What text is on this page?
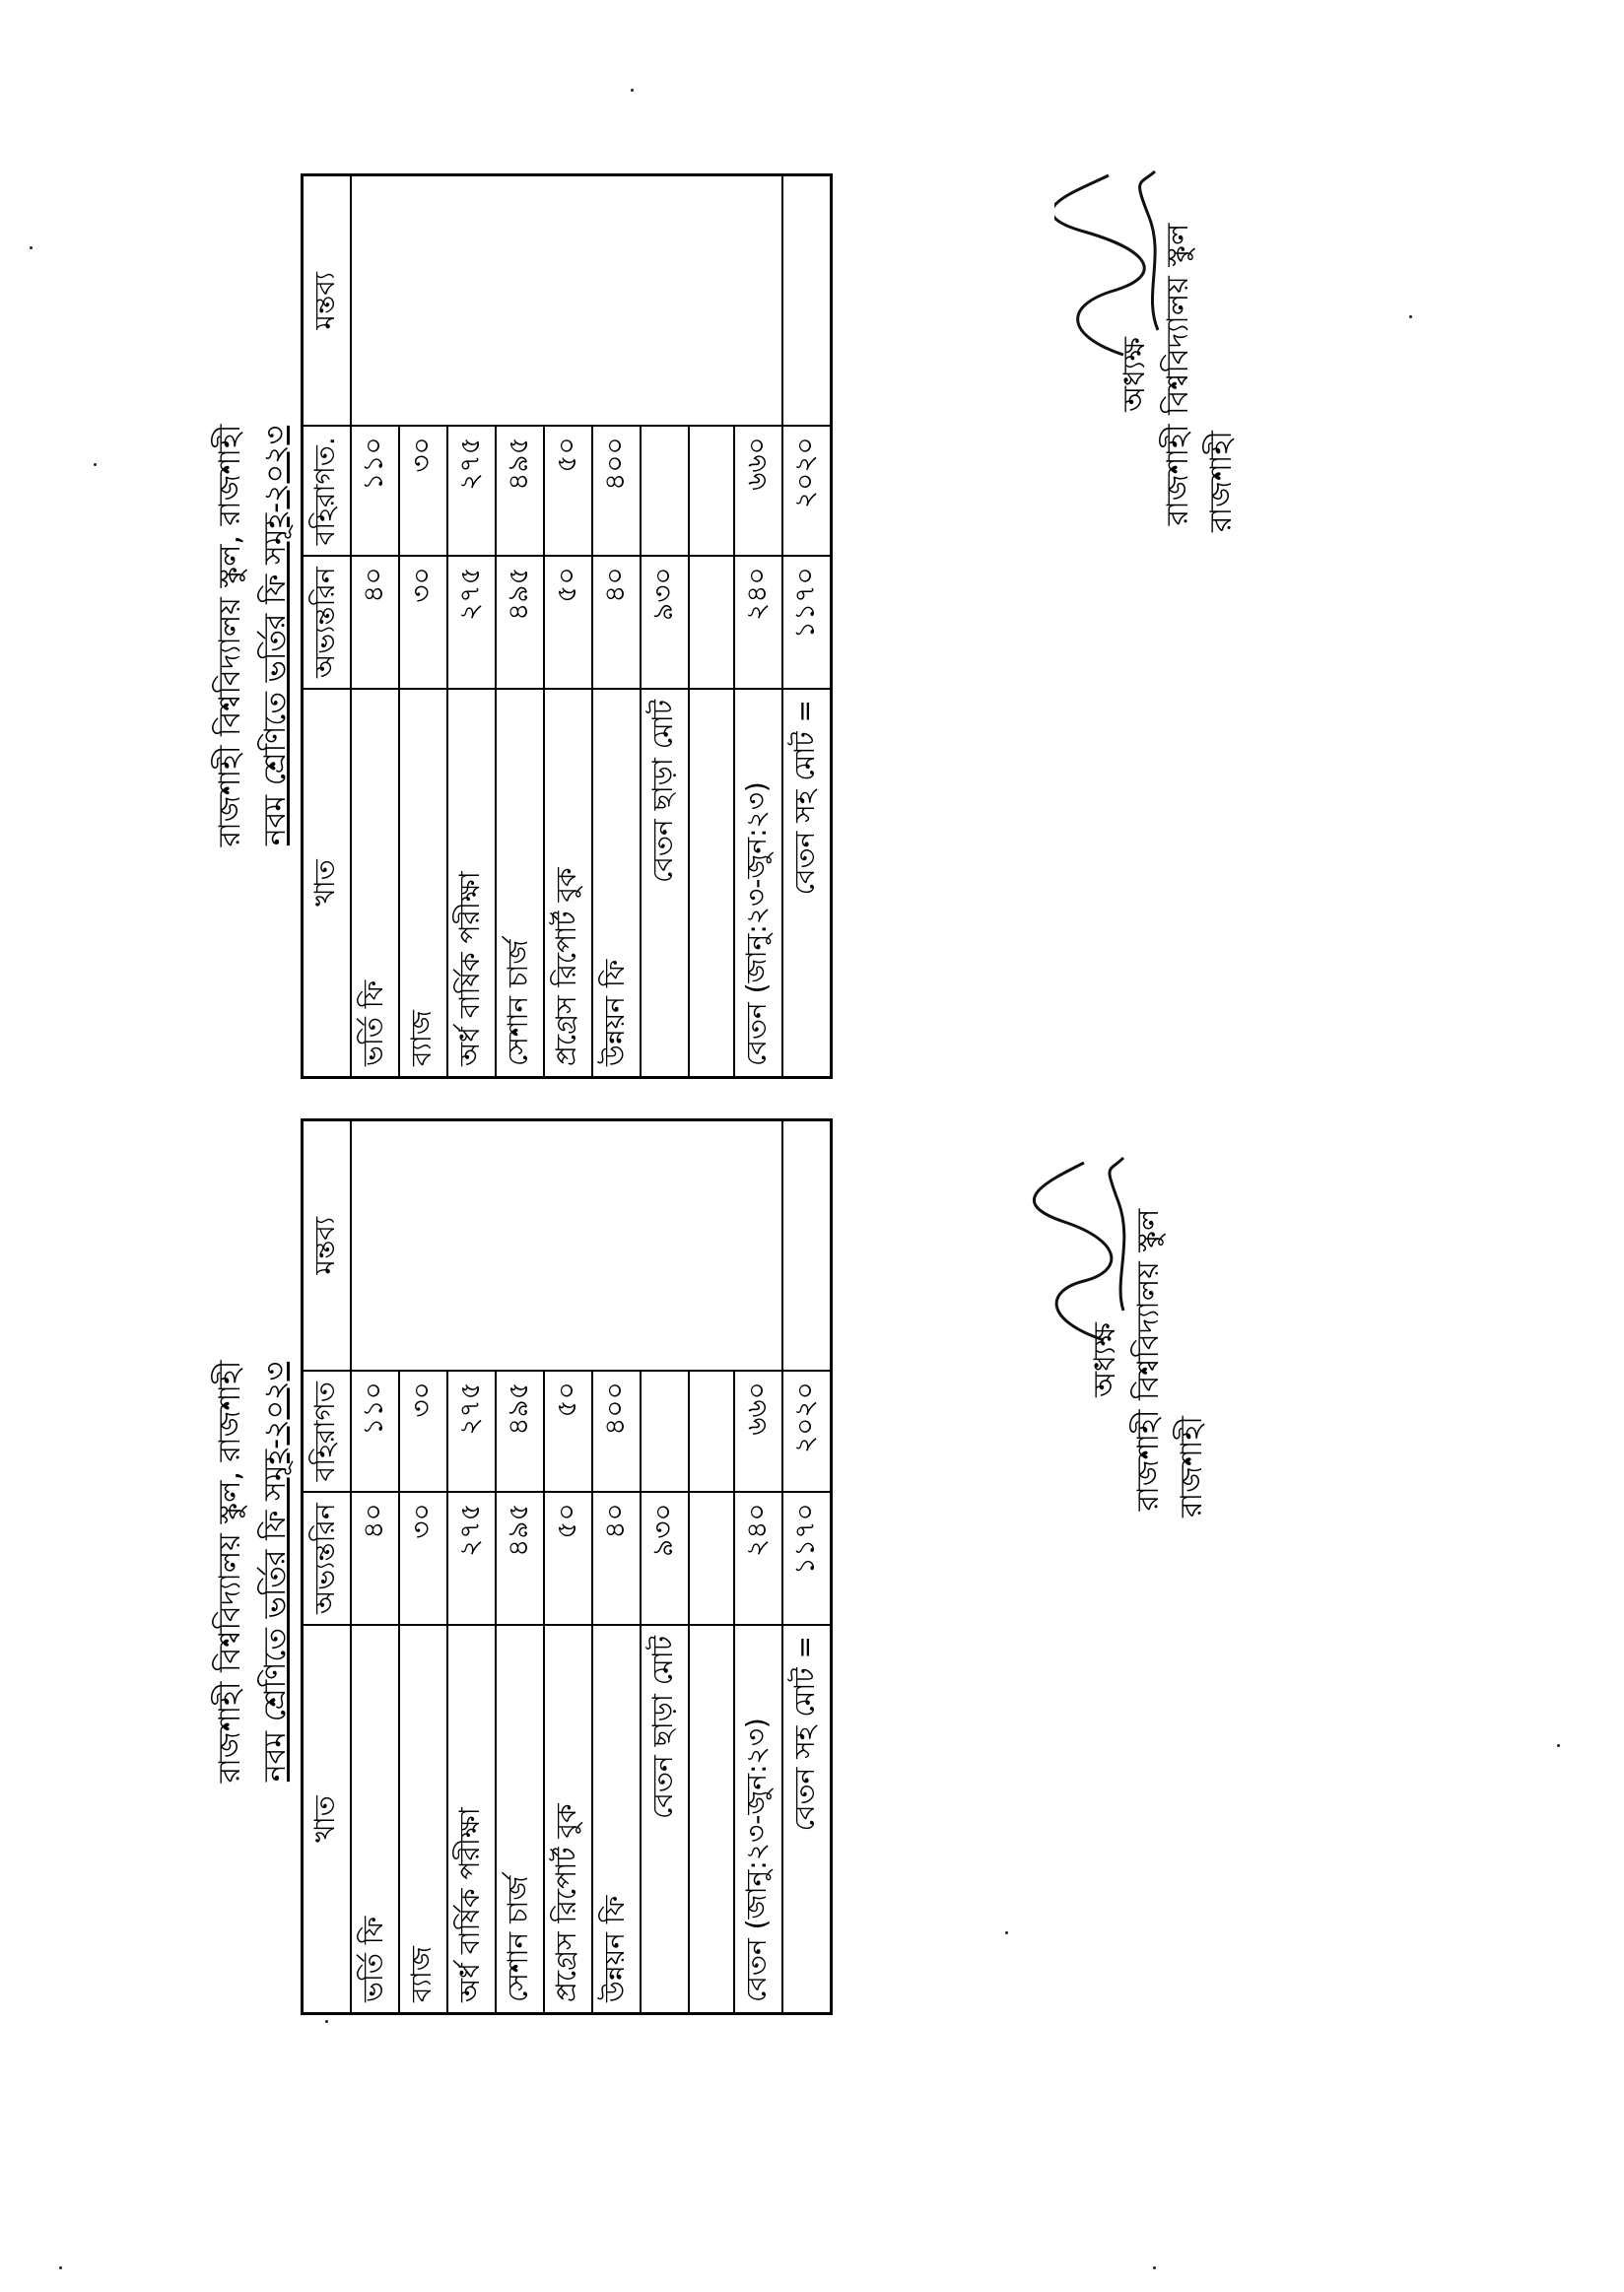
রাজশাহী বিশ্ববিদ্যালয় স্কুল, রাজশাহী নবম শ্রেণিতে ভর্তির ফি সমূহ-২০২৩
খাত	অভ্যন্তরিন	বহিরাগত	মন্তব্য
ভর্তি ফি	৪০	১১০	
ব্যাজ	৩০	৩০	
অর্ধ বার্ষিক পরীক্ষা	২৭৫	২৭৫	
সেশান চার্জ	৪৯৫	৪৯৫	
প্রগ্রেস রিপোর্ট বুক	৫০	৫০	
উন্নয়ন ফি	৪০	৪০০	
বেতন ছাড়া মোট	৯৩০		

বেতন (জানু:২৩-জুন:২৩)	২৪০	৬৬০	
বেতন সহ মোট =	১১৭০	২০২০	
রাজশাহী বিশ্ববিদ্যালয় স্কুল, রাজশাহী নবম শ্রেণিতে ভর্তির ফি সমূহ-২০২৩
খাত	অভ্যন্তরিন	বহিরাগত.	মন্তব্য
ভর্তি ফি	৪০	১১০	
ব্যাজ	৩০	৩০	
অর্ধ বার্ষিক পরীক্ষা	২৭৫	২৭৫	
সেশান চার্জ	৪৯৫	৪৯৫	
প্রগ্রেস রিপোর্ট বুক	৫০	৫০	
উন্নয়ন ফি	৪০	৪০০	
বেতন ছাড়া মোট	৯৩০		

বেতন (জানু:২৩-জুন:২৩)	২৪০	৬৬০	
বেতন সহ মোট =	১১৭০	২০২০	
অধ্যক্ষ রাজশাহী বিশ্ববিদ্যালয় স্কুল রাজশাহী
অধ্যক্ষ রাজশাহী বিশ্ববিদ্যালয় স্কুল রাজশাহী
